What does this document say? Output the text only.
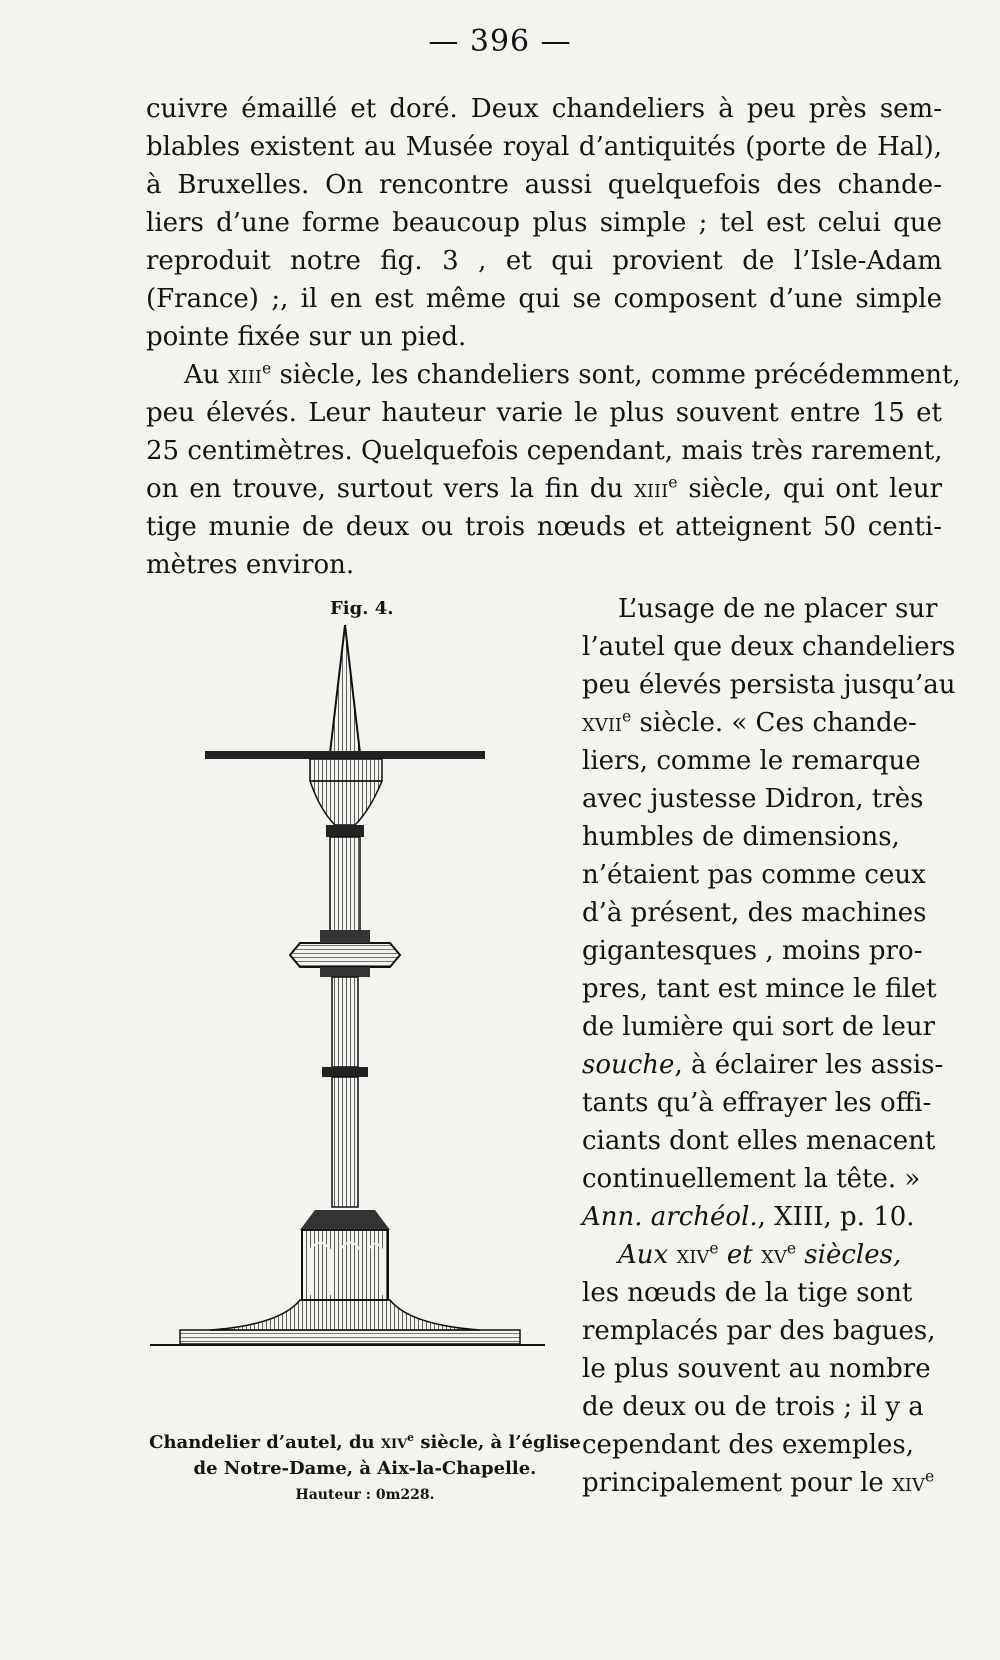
— 396 —
cuivre émaillé et doré. Deux chandeliers à peu près sem-
blables existent au Musée royal d’antiquités (porte de Hal),
à Bruxelles. On rencontre aussi quelquefois des chande-
liers d’une forme beaucoup plus simple ; tel est celui que
reproduit notre fig. 3 , et qui provient de l’Isle-Adam
(France) ;, il en est même qui se composent d’une simple
pointe fixée sur un pied.
Au xiii$^e$ siècle, les chandeliers sont, comme précédemment,
peu élevés. Leur hauteur varie le plus souvent entre 15 et
25 centimètres. Quelquefois cependant, mais très rarement,
on en trouve, surtout vers la fin du xiii$^e$ siècle, qui ont leur
tige munie de deux ou trois nœuds et atteignent 50 centi-
mètres environ.
Fig. 4.
Chandelier d’autel, du xiv$^e$ siècle, à l’église
de Notre-Dame, à Aix-la-Chapelle.
Hauteur : 0m228.
L’usage de ne placer sur
l’autel que deux chandeliers
peu élevés persista jusqu’au
xvii$^e$ siècle. « Ces chande-
liers, comme le remarque
avec justesse Didron, très
humbles de dimensions,
n’étaient pas comme ceux
d’à présent, des machines
gigantesques , moins pro-
pres, tant est mince le filet
de lumière qui sort de leur
souche, à éclairer les assis-
tants qu’à effrayer les offi-
ciants dont elles menacent
continuellement la tête. »
Ann. archéol., XIII, p. 10.
Aux xiv$^e$ et $xv^e$ siècles,
les nœuds de la tige sont
remplacés par des bagues,
le plus souvent au nombre
de deux ou de trois ; il y a
cependant des exemples,
principalement pour le xiv$^e$
